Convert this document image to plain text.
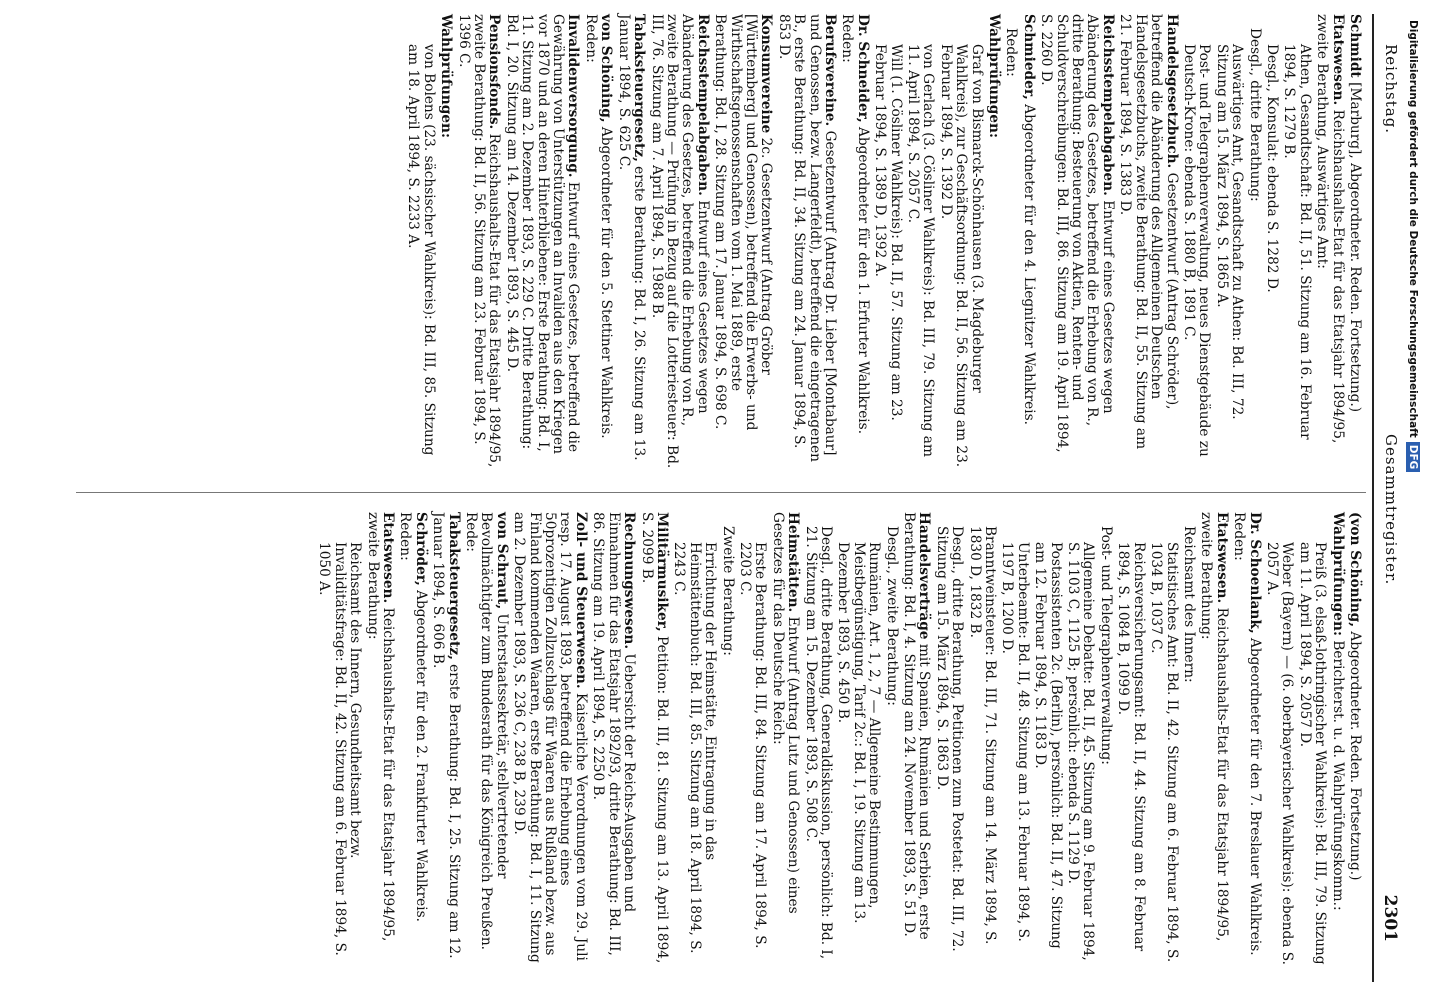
Reichstag.
Gesammtregister.
2301
Schmidt [Marburg], Abgeordneter. Reden. Fortsetzung.)
Etatswesen. Reichshaushalts-Etat für das Etatsjahr 1894/95, zweite Berathung, Auswärtiges Amt:
Athen, Gesandtschaft: Bd. II, 51. Sitzung am 16. Februar 1894, S. 1279 B.
Desgl., Konsulat: ebenda S. 1282 D.
Desgl., dritte Berathung:
Auswärtiges Amt, Gesandtschaft zu Athen: Bd. III, 72. Sitzung am 15. März 1894, S. 1865 A.
Post- und Telegraphenverwaltung, neues Dienstgebäude zu Deutsch-Krone: ebenda S. 1880 B, 1891 C.
Handelsgesetzbuch. Gesetzentwurf (Antrag Schröder), betreffend die Abänderung des Allgemeinen Deutschen Handelsgesetzbuchs, zweite Berathung: Bd. II, 55. Sitzung am 21. Februar 1894, S. 1383 D.
Reichsstempelabgaben. Entwurf eines Gesetzes wegen Abänderung des Gesetzes, betreffend die Erhebung von R., dritte Berathung: Besteuerung von Aktien, Renten- und Schuldverschreibungen: Bd. III, 86. Sitzung am 19. April 1894, S. 2260 D.
Schmieder, Abgeordneter für den 4. Liegnitzer Wahlkreis.
Reden:
Wahlprüfungen:
Graf von Bismarck-Schönhausen (3. Magdeburger Wahlkreis), zur Geschäftsordnung: Bd. II, 56. Sitzung am 23. Februar 1894, S. 1392 D.
von Gerlach (3. Cösliner Wahlkreis): Bd. III, 79. Sitzung am 11. April 1894, S. 2057 C.
Will (1. Cösliner Wahlkreis): Bd. II, 57. Sitzung am 23. Februar 1894, S. 1389 D, 1392 A.
Dr. Schneider, Abgeordneter für den 1. Erfurter Wahlkreis. Reden:
Berufsvereine. Gesetzentwurf (Antrag Dr. Lieber [Montabaur] und Genossen, bezw. Langerfeldt), betreffend die eingetragenen B., erste Berathung: Bd. II, 34. Sitzung am 24. Januar 1894, S. 853 D.
Konsumvereine 2c. Gesetzentwurf (Antrag Gröber [Württemberg] und Genossen), betreffend die Erwerbs- und Wirthschaftsgenossenschaften vom 1. Mai 1889, erste Berathung: Bd. I, 28. Sitzung am 17. Januar 1894, S. 698 C.
Reichsstempelabgaben. Entwurf eines Gesetzes wegen Abänderung des Gesetzes, betreffend die Erhebung von R., zweite Berathung — Prüfung in Bezug auf die Lotteriesteuer: Bd. III, 76. Sitzung am 7. April 1894, S. 1988 B.
Tabaksteuergesetz, erste Berathung: Bd. I, 26. Sitzung am 13. Januar 1894, S. 625 C.
von Schöning, Abgeordneter für den 5. Stettiner Wahlkreis. Reden:
Invalidenversorgung. Entwurf eines Gesetzes, betreffend die Gewährung von Unterstützungen an Invaliden aus den Kriegen vor 1870 und an deren Hinterbliebene: Erste Berathung: Bd. I, 11. Sitzung am 2. Dezember 1893, S. 229 C. Dritte Berathung: Bd. I, 20. Sitzung am 14. Dezember 1893, S. 445 D.
Pensionsfonds. Reichshaushalts-Etat für das Etatsjahr 1894/95, zweite Berathung: Bd. II, 56. Sitzung am 23. Februar 1894, S. 1396 C.
Wahlprüfungen:
von Bolens (23. sächsischer Wahlkreis): Bd. III, 85. Sitzung am 18. April 1894, S. 2233 A.
(von Schöning, Abgeordneter. Reden. Fortsetzung.)
Wahlprüfungen: Berichterst. u. d. Wahlprüfungskomm.:
Preiß (3. elsaß-lothringischer Wahlkreis): Bd. III, 79. Sitzung am 11. April 1894, S. 2057 D.
Weber (Bayern) — (6. oberbayerischer Wahlkreis): ebenda S. 2057 A.
Dr. Schoenlank, Abgeordneter für den 7. Breslauer Wahlkreis. Reden:
Etatswesen. Reichshaushalts-Etat für das Etatsjahr 1894/95, zweite Berathung:
Reichsamt des Innern:
Statistisches Amt: Bd. II, 42. Sitzung am 6. Februar 1894, S. 1034 B, 1037 C.
Reichsversicherungsamt: Bd. II, 44. Sitzung am 8. Februar 1894, S. 1084 B, 1099 D.
Post- und Telegraphenverwaltung:
Allgemeine Debatte: Bd. II, 45. Sitzung am 9. Februar 1894, S. 1103 C, 1125 B; persönlich: ebenda S. 1129 D.
Postassistenten 2c. (Berlin), persönlich: Bd. II, 47. Sitzung am 12. Februar 1894, S. 1183 D.
Unterbeamte: Bd. II, 48. Sitzung am 13. Februar 1894, S. 1197 B, 1200 D.
Branntweinsteuer: Bd. III, 71. Sitzung am 14. März 1894, S. 1830 D, 1832 B.
Desgl., dritte Berathung, Petitionen zum Postetat: Bd. III, 72. Sitzung am 15. März 1894, S. 1863 D.
Handelsverträge mit Spanien, Rumänien und Serbien, erste Berathung: Bd. I, 4. Sitzung am 24. November 1893, S. 51 D.
Desgl., zweite Berathung:
Rumänien, Art. 1, 2, 7 — Allgemeine Bestimmungen, Meistbegünstigung, Tarif 2c.: Bd. I, 19. Sitzung am 13. Dezember 1893, S. 450 B.
Desgl., dritte Berathung, Generaldiskussion, persönlich: Bd. I, 21. Sitzung am 15. Dezember 1893, S. 508 C.
Heimstätten. Entwurf (Antrag Lutz und Genossen) eines Gesetzes für das Deutsche Reich:
Erste Berathung: Bd. III, 84. Sitzung am 17. April 1894, S. 2203 C.
Zweite Berathung:
Errichtung der Heimstätte, Eintragung in das Heimstättenbuch: Bd. III, 85. Sitzung am 18. April 1894, S. 2243 C.
Militärmusiker, Petition: Bd. III, 81. Sitzung am 13. April 1894, S. 2099 B.
Rechnungswesen. Uebersicht der Reichs-Ausgaben und Einnahmen für das Etatsjahr 1892/93, dritte Berathung: Bd. III, 86. Sitzung am 19. April 1894, S. 2250 B.
Zoll- und Steuerwesen. Kaiserliche Verordnungen vom 29. Juli resp. 17. August 1893, betreffend die Erhebung eines 50prozentigen Zollzuschlags für Waaren aus Rußland bezw. aus Finland kommenden Waaren, erste Berathung: Bd. I, 11. Sitzung am 2. Dezember 1893, S. 236 C, 238 B, 239 D.
von Schraut, Unterstaatssekretär, stellvertretender Bevollmächtigter zum Bundesrath für das Königreich Preußen. Rede:
Tabaksteuergesetz, erste Berathung: Bd. I, 25. Sitzung am 12. Januar 1894, S. 606 B.
Schröder, Abgeordneter für den 2. Frankfurter Wahlkreis. Reden:
Etatswesen. Reichshaushalts-Etat für das Etatsjahr 1894/95, zweite Berathung:
Reichsamt des Innern, Gesundheitsamt bezw. Invaliditätsfrage: Bd. II, 42. Sitzung am 6. Februar 1894, S. 1050 A.
Digitalisierung gefördert durch die Deutsche ForschungsgemeinschaftDFG
